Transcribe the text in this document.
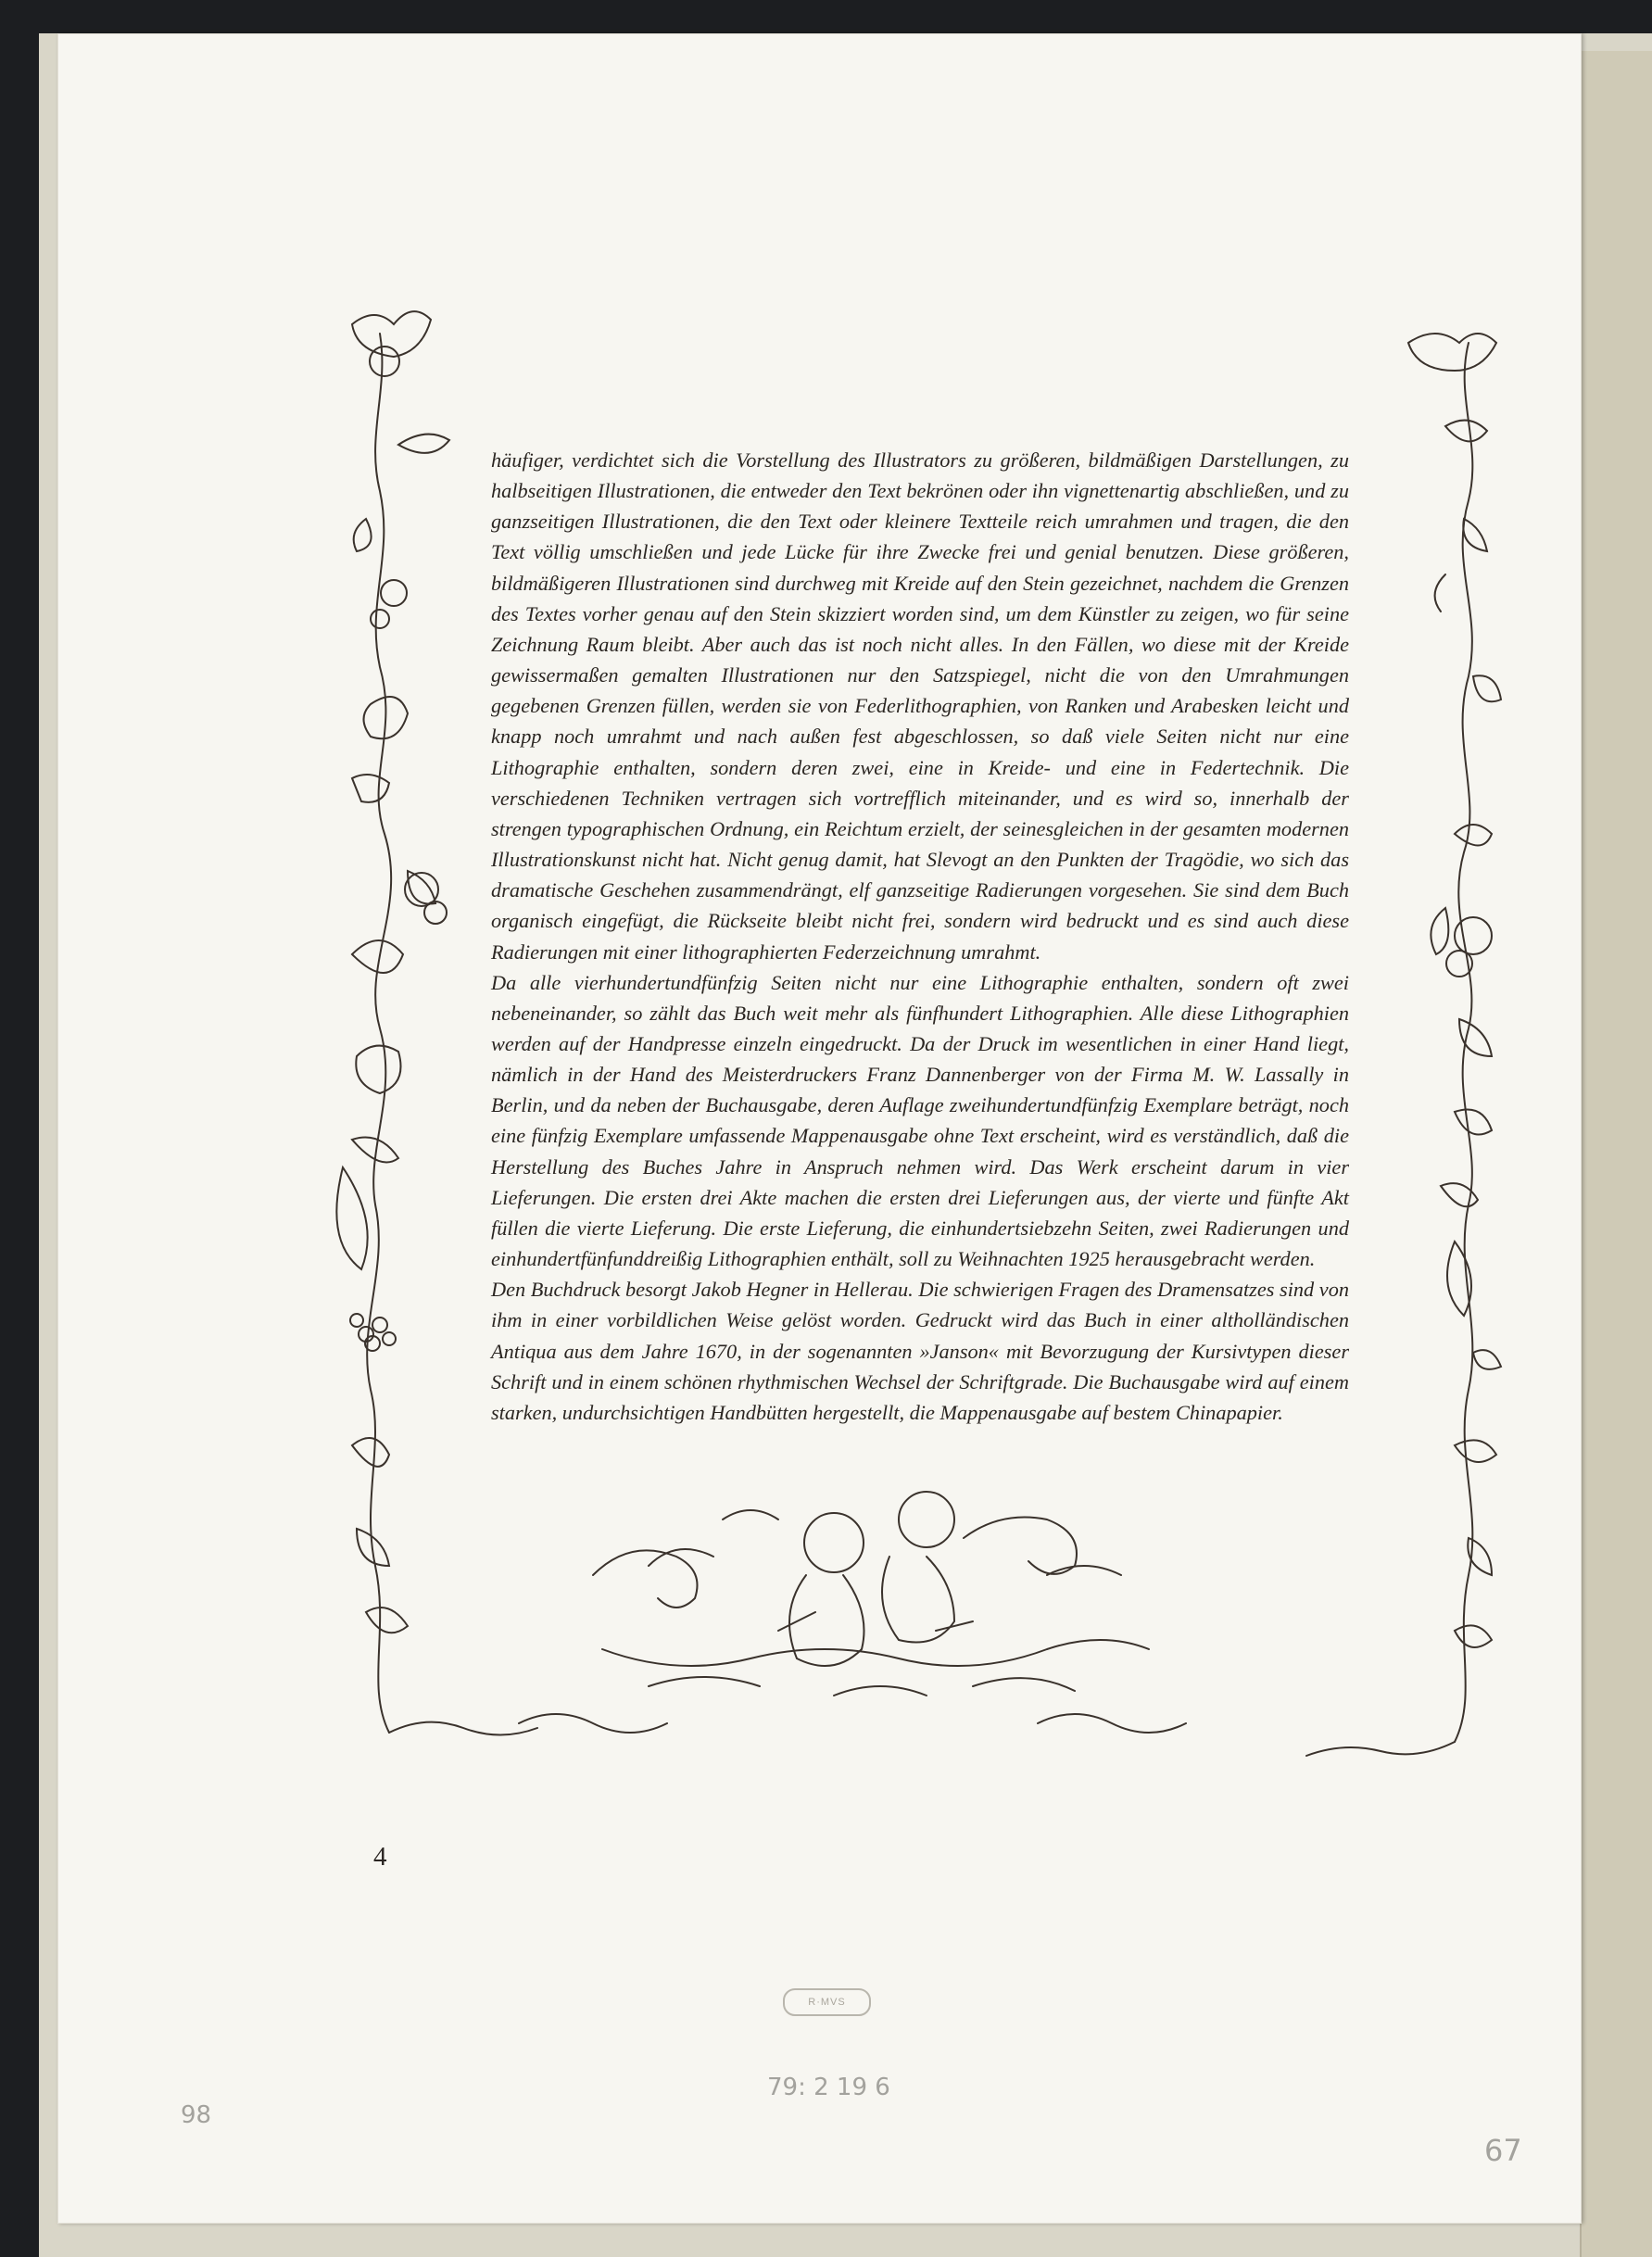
häufiger, verdichtet sich die Vorstellung des Illustrators zu größeren, bildmäßigen Darstellungen, zu halbseitigen Illustrationen, die entweder den Text bekrönen oder ihn vignettenartig abschließen, und zu ganzseitigen Illustrationen, die den Text oder kleinere Textteile reich umrahmen und tragen, die den Text völlig umschließen und jede Lücke für ihre Zwecke frei und genial benutzen. Diese größeren, bildmäßigeren Illustrationen sind durchweg mit Kreide auf den Stein gezeichnet, nachdem die Grenzen des Textes vorher genau auf den Stein skizziert worden sind, um dem Künstler zu zeigen, wo für seine Zeichnung Raum bleibt. Aber auch das ist noch nicht alles. In den Fällen, wo diese mit der Kreide gewissermaßen gemalten Illustrationen nur den Satzspiegel, nicht die von den Umrahmungen gegebenen Grenzen füllen, werden sie von Federlithographien, von Ranken und Arabesken leicht und knapp noch umrahmt und nach außen fest abgeschlossen, so daß viele Seiten nicht nur eine Lithographie enthalten, sondern deren zwei, eine in Kreide- und eine in Federtechnik. Die verschiedenen Techniken vertragen sich vortrefflich miteinander, und es wird so, innerhalb der strengen typographischen Ordnung, ein Reichtum erzielt, der seinesgleichen in der gesamten modernen Illustrationskunst nicht hat. Nicht genug damit, hat Slevogt an den Punkten der Tragödie, wo sich das dramatische Geschehen zusammendrängt, elf ganzseitige Radierungen vorgesehen. Sie sind dem Buch organisch eingefügt, die Rückseite bleibt nicht frei, sondern wird bedruckt und es sind auch diese Radierungen mit einer lithographierten Federzeichnung umrahmt.

Da alle vierhundertundfünfzig Seiten nicht nur eine Lithographie enthalten, sondern oft zwei nebeneinander, so zählt das Buch weit mehr als fünfhundert Lithographien. Alle diese Lithographien werden auf der Handpresse einzeln eingedruckt. Da der Druck im wesentlichen in einer Hand liegt, nämlich in der Hand des Meisterdruckers Franz Dannenberger von der Firma M. W. Lassally in Berlin, und da neben der Buchausgabe, deren Auflage zweihundertundfünfzig Exemplare beträgt, noch eine fünfzig Exemplare umfassende Mappenausgabe ohne Text erscheint, wird es verständlich, daß die Herstellung des Buches Jahre in Anspruch nehmen wird. Das Werk erscheint darum in vier Lieferungen. Die ersten drei Akte machen die ersten drei Lieferungen aus, der vierte und fünfte Akt füllen die vierte Lieferung. Die erste Lieferung, die einhundertsiebzehn Seiten, zwei Radierungen und einhundertfünfunddreißig Lithographien enthält, soll zu Weihnachten 1925 herausgebracht werden.

Den Buchdruck besorgt Jakob Hegner in Hellerau. Die schwierigen Fragen des Dramensatzes sind von ihm in einer vorbildlichen Weise gelöst worden. Gedruckt wird das Buch in einer altholländischen Antiqua aus dem Jahre 1670, in der sogenannten »Janson« mit Bevorzugung der Kursivtypen dieser Schrift und in einem schönen rhythmischen Wechsel der Schriftgrade. Die Buchausgabe wird auf einem starken, undurchsichtigen Handbütten hergestellt, die Mappenausgabe auf bestem Chinapapier.

4
R·MVS
98
79: 2 19 6
67
